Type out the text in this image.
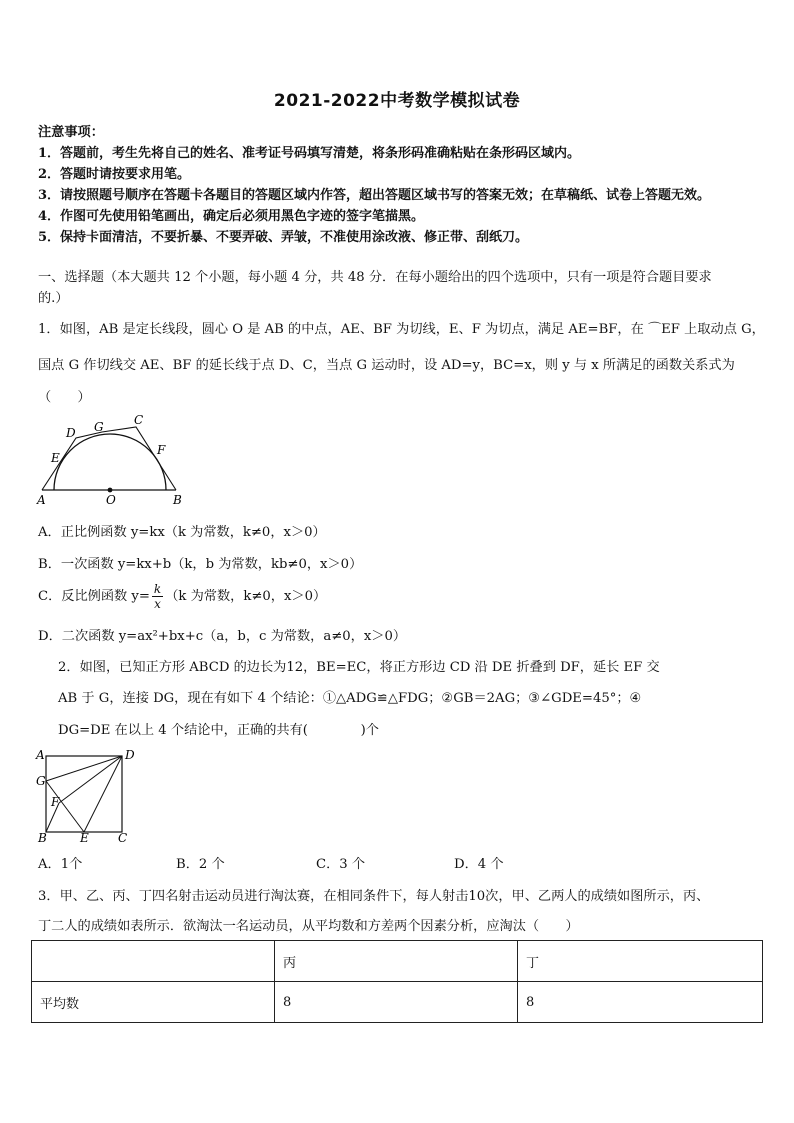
2021-2022中考数学模拟试卷
注意事项：
1．答题前，考生先将自己的姓名、准考证号码填写清楚，将条形码准确粘贴在条形码区域内。
2．答题时请按要求用笔。
3．请按照题号顺序在答题卡各题目的答题区域内作答，超出答题区域书写的答案无效；在草稿纸、试卷上答题无效。
4．作图可先使用铅笔画出，确定后必须用黑色字迹的签字笔描黑。
5．保持卡面清洁，不要折暴、不要弄破、弄皱，不准使用涂改液、修正带、刮纸刀。
一、选择题（本大题共 12 个小题，每小题 4 分，共 48 分．在每小题给出的四个选项中，只有一项是符合题目要求
的.）
1．如图，AB 是定长线段，圆心 O 是 AB 的中点，AE、BF 为切线，E、F 为切点，满足 AE=BF，在 ⌒EF 上取动点 G，
国点 G 作切线交 AE、BF 的延长线于点 D、C，当点 G 运动时，设 AD=y，BC=x，则 y 与 x 所满足的函数关系式为
（　　）
A	O	B
E
D G	C
F
A．正比例函数 y=kx（k 为常数，k≠0，x＞0）
B．一次函数 y=kx+b（k，b 为常数，kb≠0，x＞0）
C．反比例函数 $y= \frac{k}{x} (k$ 为常数，k≠0，x＞0）
D．二次函数 y=ax²+bx+c（a，b，c 为常数，a≠0，x＞0）
2．如图，已知正方形 ABCD 的边长为12，BE=EC，将正方形边 CD 沿 DE 折叠到 DF，延长 EF 交
AB 于 G，连接 DG，现在有如下 4 个结论：①△ADG≌△FDG；②GB＝2AG；③∠GDE=45°；④
DG=DE 在以上 4 个结论中，正确的共有(　　　　)个
A	D
G
F
B	E C
A．1个	B．2 个	C．3 个	D．4 个
3．甲、乙、丙、丁四名射击运动员进行淘汰赛，在相同条件下，每人射击10次，甲、乙两人的成绩如图所示，丙、
丁二人的成绩如表所示．欲淘汰一名运动员，从平均数和方差两个因素分析，应淘汰（　　）
	丙	丁
平均数	8	8
